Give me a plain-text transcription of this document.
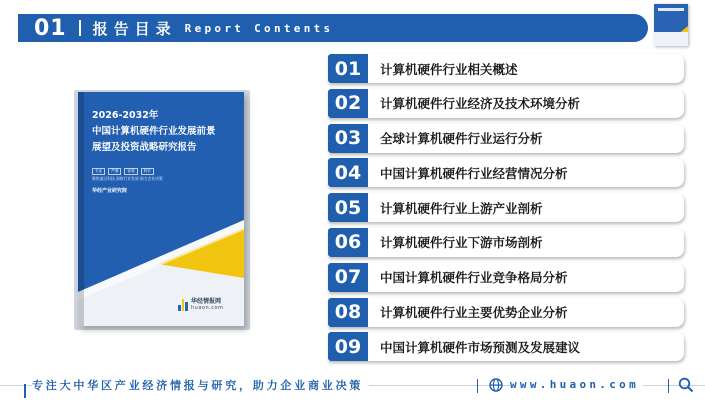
01 报告目录 Report Contents
2026-2032年
中国计算机硬件行业发展前景
展望及投资战略研究报告
专业	严谨	客观	科学
聚焦前沿科技 洞察行业发展 助力企业决策
华经产业研究院
华经情报网
huaon.com
01	计算机硬件行业相关概述
02	计算机硬件行业经济及技术环境分析
03	全球计算机硬件行业运行分析
04	中国计算机硬件行业经营情况分析
05	计算机硬件行业上游产业剖析
06	计算机硬件行业下游市场剖析
07	中国计算机硬件行业竞争格局分析
08	计算机硬件行业主要优势企业分析
09	中国计算机硬件市场预测及发展建议
专注大中华区产业经济情报与研究，助力企业商业决策	www.huaon.com
